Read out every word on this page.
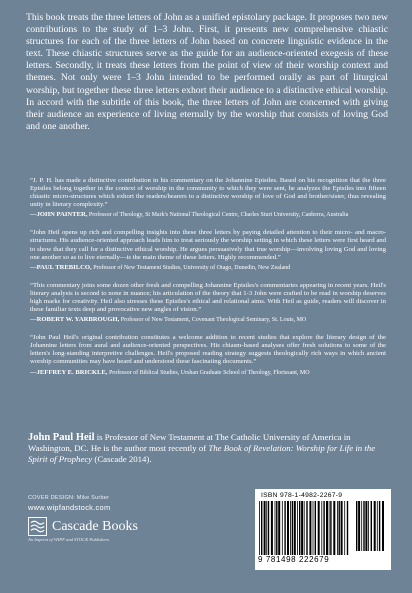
This book treats the three letters of John as a unified epistolary package. It proposes two new contributions to the study of 1–3 John. First, it presents new comprehensive chiastic structures for each of the three letters of John based on concrete linguistic evidence in the text. These chiastic structures serve as the guide for an audience-oriented exegesis of these letters. Secondly, it treats these letters from the point of view of their worship context and themes. Not only were 1–3 John intended to be performed orally as part of liturgical worship, but together these three letters exhort their audience to a distinctive ethical worship. In accord with the subtitle of this book, the three letters of John are concerned with giving their audience an experience of living eternally by the worship that consists of loving God and one another.

“J. P. H. has made a distinctive contribution in his commentary on the Johannine Epistles. Based on his recognition that the three Epistles belong together in the context of worship in the community to which they were sent, he analyzes the Epistles into fifteen chiastic micro-structures which exhort the readers/hearers to a distinctive worship of love of God and brother/sister, thus revealing unity in literary complexity.”

—JOHN PAINTER, Professor of Theology, St Mark's National Theological Centre, Charles Sturt University, Canberra, Australia

“John Heil opens up rich and compelling insights into these three letters by paying detailed attention to their micro- and macro-structures. His audience-oriented approach leads him to treat seriously the worship setting in which these letters were first heard and to show that they call for a distinctive ethical worship. He argues persuasively that true worship—involving loving God and loving one another so as to live eternally—is the main theme of these letters. Highly recommended.”

—PAUL TREBILCO, Professor of New Testament Studies, University of Otago, Dunedin, New Zealand

“This commentary joins some dozen other fresh and compelling Johannine Epistles's commentaries appearing in recent years. Heil's literary analysis is second to none in nuance; his articulation of the theory that 1-3 John were crafted to be read in worship deserves high marks for creativity. Heil also stresses these Epistles's ethical and relational aims. With Heil as guide, readers will discover in these familiar texts deep and provocative new angles of vision.”

—ROBERT W. YARBROUGH, Professor of New Testament, Covenant Theological Seminary, St. Louis, MO

“John Paul Heil's original contribution constitutes a welcome addition to recent studies that explore the literary design of the Johannine letters from aural and audience-oriented perspectives. His chiasm-based analyses offer fresh solutions to some of the letters's long-standing interpretive challenges. Heil's proposed reading strategy suggests theologically rich ways in which ancient worship communities may have heard and understood these fascinating documents.”

—JEFFREY E. BRICKLE, Professor of Biblical Studies, Urshan Graduate School of Theology, Florissant, MO

John Paul Heil is Professor of New Testament at The Catholic University of America in Washington, DC. He is the author most recently of The Book of Revelation: Worship for Life in the Spirit of Prophecy (Cascade 2014).

COVER DESIGN: Mike Surber
www.wipfandstock.com
Cascade Books
An Imprint of WIPF and STOCK Publishers
ISBN 978-1-4982-2267-9
9 781498 222679
